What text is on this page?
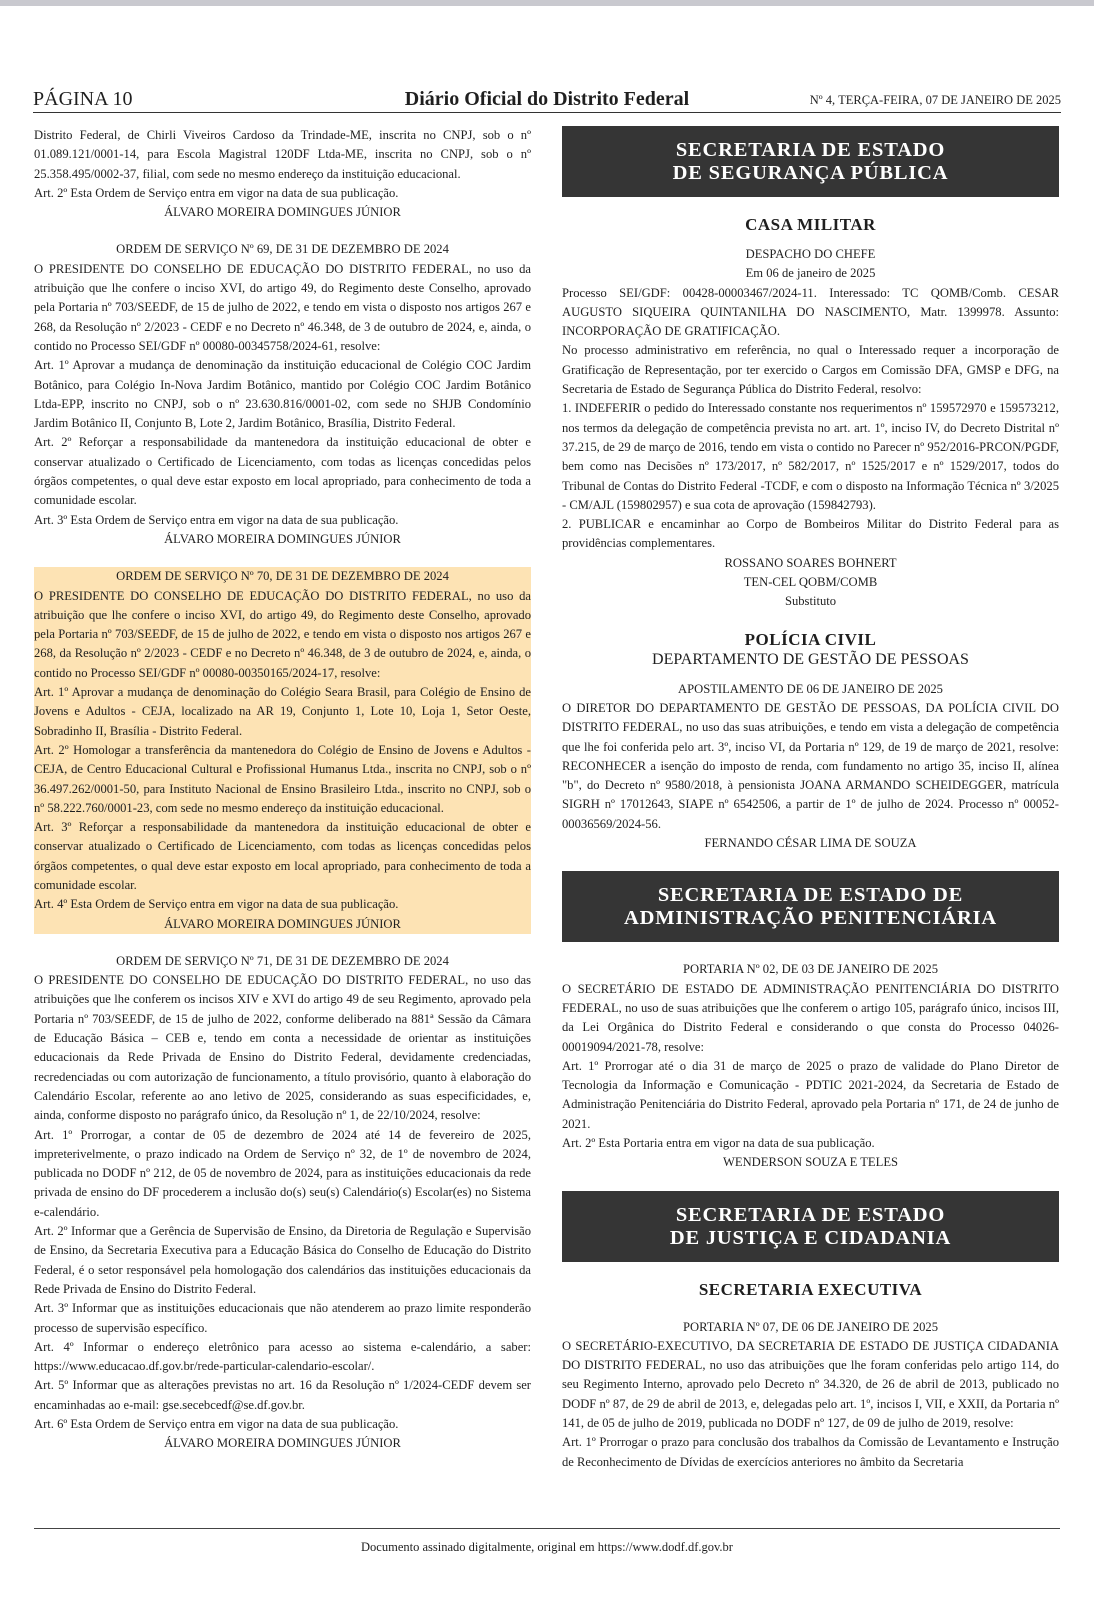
Diário Oficial do Distrito Federal
PÁGINA 10	Nº 4, TERÇA-FEIRA, 07 DE JANEIRO DE 2025

Distrito Federal, de Chirli Viveiros Cardoso da Trindade-ME, inscrita no CNPJ, sob o nº 01.089.121/0001-14, para Escola Magistral 120DF Ltda-ME, inscrita no CNPJ, sob o nº 25.358.495/0002-37, filial, com sede no mesmo endereço da instituição educacional.

Art. 2º Esta Ordem de Serviço entra em vigor na data de sua publicação.

ÁLVARO MOREIRA DOMINGUES JÚNIOR

ORDEM DE SERVIÇO Nº 69, DE 31 DE DEZEMBRO DE 2024

O PRESIDENTE DO CONSELHO DE EDUCAÇÃO DO DISTRITO FEDERAL, no uso da atribuição que lhe confere o inciso XVI, do artigo 49, do Regimento deste Conselho, aprovado pela Portaria nº 703/SEEDF, de 15 de julho de 2022, e tendo em vista o disposto nos artigos 267 e 268, da Resolução nº 2/2023 - CEDF e no Decreto nº 46.348, de 3 de outubro de 2024, e, ainda, o contido no Processo SEI/GDF nº 00080-00345758/2024-61, resolve:

Art. 1º Aprovar a mudança de denominação da instituição educacional de Colégio COC Jardim Botânico, para Colégio In-Nova Jardim Botânico, mantido por Colégio COC Jardim Botânico Ltda-EPP, inscrito no CNPJ, sob o nº 23.630.816/0001-02, com sede no SHJB Condomínio Jardim Botânico II, Conjunto B, Lote 2, Jardim Botânico, Brasília, Distrito Federal.

Art. 2º Reforçar a responsabilidade da mantenedora da instituição educacional de obter e conservar atualizado o Certificado de Licenciamento, com todas as licenças concedidas pelos órgãos competentes, o qual deve estar exposto em local apropriado, para conhecimento de toda a comunidade escolar.

Art. 3º Esta Ordem de Serviço entra em vigor na data de sua publicação.

ÁLVARO MOREIRA DOMINGUES JÚNIOR

ORDEM DE SERVIÇO Nº 70, DE 31 DE DEZEMBRO DE 2024

O PRESIDENTE DO CONSELHO DE EDUCAÇÃO DO DISTRITO FEDERAL, no uso da atribuição que lhe confere o inciso XVI, do artigo 49, do Regimento deste Conselho, aprovado pela Portaria nº 703/SEEDF, de 15 de julho de 2022, e tendo em vista o disposto nos artigos 267 e 268, da Resolução nº 2/2023 - CEDF e no Decreto nº 46.348, de 3 de outubro de 2024, e, ainda, o contido no Processo SEI/GDF nº 00080-00350165/2024-17, resolve:

Art. 1º Aprovar a mudança de denominação do Colégio Seara Brasil, para Colégio de Ensino de Jovens e Adultos - CEJA, localizado na AR 19, Conjunto 1, Lote 10, Loja 1, Setor Oeste, Sobradinho II, Brasília - Distrito Federal.

Art. 2º Homologar a transferência da mantenedora do Colégio de Ensino de Jovens e Adultos - CEJA, de Centro Educacional Cultural e Profissional Humanus Ltda., inscrita no CNPJ, sob o nº 36.497.262/0001-50, para Instituto Nacional de Ensino Brasileiro Ltda., inscrito no CNPJ, sob o nº 58.222.760/0001-23, com sede no mesmo endereço da instituição educacional.

Art. 3º Reforçar a responsabilidade da mantenedora da instituição educacional de obter e conservar atualizado o Certificado de Licenciamento, com todas as licenças concedidas pelos órgãos competentes, o qual deve estar exposto em local apropriado, para conhecimento de toda a comunidade escolar.

Art. 4º Esta Ordem de Serviço entra em vigor na data de sua publicação.

ÁLVARO MOREIRA DOMINGUES JÚNIOR

ORDEM DE SERVIÇO Nº 71, DE 31 DE DEZEMBRO DE 2024

O PRESIDENTE DO CONSELHO DE EDUCAÇÃO DO DISTRITO FEDERAL, no uso das atribuições que lhe conferem os incisos XIV e XVI do artigo 49 de seu Regimento, aprovado pela Portaria nº 703/SEEDF, de 15 de julho de 2022, conforme deliberado na 881ª Sessão da Câmara de Educação Básica – CEB e, tendo em conta a necessidade de orientar as instituições educacionais da Rede Privada de Ensino do Distrito Federal, devidamente credenciadas, recredenciadas ou com autorização de funcionamento, a título provisório, quanto à elaboração do Calendário Escolar, referente ao ano letivo de 2025, considerando as suas especificidades, e, ainda, conforme disposto no parágrafo único, da Resolução nº 1, de 22/10/2024, resolve:

Art. 1º Prorrogar, a contar de 05 de dezembro de 2024 até 14 de fevereiro de 2025, impreterivelmente, o prazo indicado na Ordem de Serviço nº 32, de 1º de novembro de 2024, publicada no DODF nº 212, de 05 de novembro de 2024, para as instituições educacionais da rede privada de ensino do DF procederem a inclusão do(s) seu(s) Calendário(s) Escolar(es) no Sistema e-calendário.

Art. 2º Informar que a Gerência de Supervisão de Ensino, da Diretoria de Regulação e Supervisão de Ensino, da Secretaria Executiva para a Educação Básica do Conselho de Educação do Distrito Federal, é o setor responsável pela homologação dos calendários das instituições educacionais da Rede Privada de Ensino do Distrito Federal.

Art. 3º Informar que as instituições educacionais que não atenderem ao prazo limite responderão processo de supervisão específico.

Art. 4º Informar o endereço eletrônico para acesso ao sistema e-calendário, a saber: https://www.educacao.df.gov.br/rede-particular-calendario-escolar/.

Art. 5º Informar que as alterações previstas no art. 16 da Resolução nº 1/2024-CEDF devem ser encaminhadas ao e-mail: gse.secebcedf@se.df.gov.br.

Art. 6º Esta Ordem de Serviço entra em vigor na data de sua publicação.

ÁLVARO MOREIRA DOMINGUES JÚNIOR

SECRETARIA DE ESTADO
DE SEGURANÇA PÚBLICA
CASA MILITAR

DESPACHO DO CHEFE

Em 06 de janeiro de 2025

Processo SEI/GDF: 00428-00003467/2024-11. Interessado: TC QOMB/Comb. CESAR AUGUSTO SIQUEIRA QUINTANILHA DO NASCIMENTO, Matr. 1399978. Assunto: INCORPORAÇÃO DE GRATIFICAÇÃO.

No processo administrativo em referência, no qual o Interessado requer a incorporação de Gratificação de Representação, por ter exercido o Cargos em Comissão DFA, GMSP e DFG, na Secretaria de Estado de Segurança Pública do Distrito Federal, resolvo:

1. INDEFERIR o pedido do Interessado constante nos requerimentos nº 159572970 e 159573212, nos termos da delegação de competência prevista no art. art. 1º, inciso IV, do Decreto Distrital nº 37.215, de 29 de março de 2016, tendo em vista o contido no Parecer nº 952/2016-PRCON/PGDF, bem como nas Decisões nº 173/2017, nº 582/2017, nº 1525/2017 e nº 1529/2017, todos do Tribunal de Contas do Distrito Federal -TCDF, e com o disposto na Informação Técnica nº 3/2025 - CM/AJL (159802957) e sua cota de aprovação (159842793).

2. PUBLICAR e encaminhar ao Corpo de Bombeiros Militar do Distrito Federal para as providências complementares.

ROSSANO SOARES BOHNERT

TEN-CEL QOBM/COMB

Substituto

POLÍCIA CIVIL

DEPARTAMENTO DE GESTÃO DE PESSOAS

APOSTILAMENTO DE 06 DE JANEIRO DE 2025

O DIRETOR DO DEPARTAMENTO DE GESTÃO DE PESSOAS, DA POLÍCIA CIVIL DO DISTRITO FEDERAL, no uso das suas atribuições, e tendo em vista a delegação de competência que lhe foi conferida pelo art. 3º, inciso VI, da Portaria nº 129, de 19 de março de 2021, resolve: RECONHECER a isenção do imposto de renda, com fundamento no artigo 35, inciso II, alínea "b", do Decreto nº 9580/2018, à pensionista JOANA ARMANDO SCHEIDEGGER, matrícula SIGRH nº 17012643, SIAPE nº 6542506, a partir de 1º de julho de 2024. Processo nº 00052-00036569/2024-56.

FERNANDO CÉSAR LIMA DE SOUZA

SECRETARIA DE ESTADO DE
ADMINISTRAÇÃO PENITENCIÁRIA

PORTARIA Nº 02, DE 03 DE JANEIRO DE 2025

O SECRETÁRIO DE ESTADO DE ADMINISTRAÇÃO PENITENCIÁRIA DO DISTRITO FEDERAL, no uso de suas atribuições que lhe conferem o artigo 105, parágrafo único, incisos III, da Lei Orgânica do Distrito Federal e considerando o que consta do Processo 04026-00019094/2021-78, resolve:

Art. 1º Prorrogar até o dia 31 de março de 2025 o prazo de validade do Plano Diretor de Tecnologia da Informação e Comunicação - PDTIC 2021-2024, da Secretaria de Estado de Administração Penitenciária do Distrito Federal, aprovado pela Portaria nº 171, de 24 de junho de 2021.

Art. 2º Esta Portaria entra em vigor na data de sua publicação.

WENDERSON SOUZA E TELES

SECRETARIA DE ESTADO
DE JUSTIÇA E CIDADANIA
SECRETARIA EXECUTIVA

PORTARIA Nº 07, DE 06 DE JANEIRO DE 2025

O SECRETÁRIO-EXECUTIVO, DA SECRETARIA DE ESTADO DE JUSTIÇA CIDADANIA DO DISTRITO FEDERAL, no uso das atribuições que lhe foram conferidas pelo artigo 114, do seu Regimento Interno, aprovado pelo Decreto nº 34.320, de 26 de abril de 2013, publicado no DODF nº 87, de 29 de abril de 2013, e, delegadas pelo art. 1º, incisos I, VII, e XXII, da Portaria nº 141, de 05 de julho de 2019, publicada no DODF nº 127, de 09 de julho de 2019, resolve:

Art. 1º Prorrogar o prazo para conclusão dos trabalhos da Comissão de Levantamento e Instrução de Reconhecimento de Dívidas de exercícios anteriores no âmbito da Secretaria

Documento assinado digitalmente, original em https://www.dodf.df.gov.br
